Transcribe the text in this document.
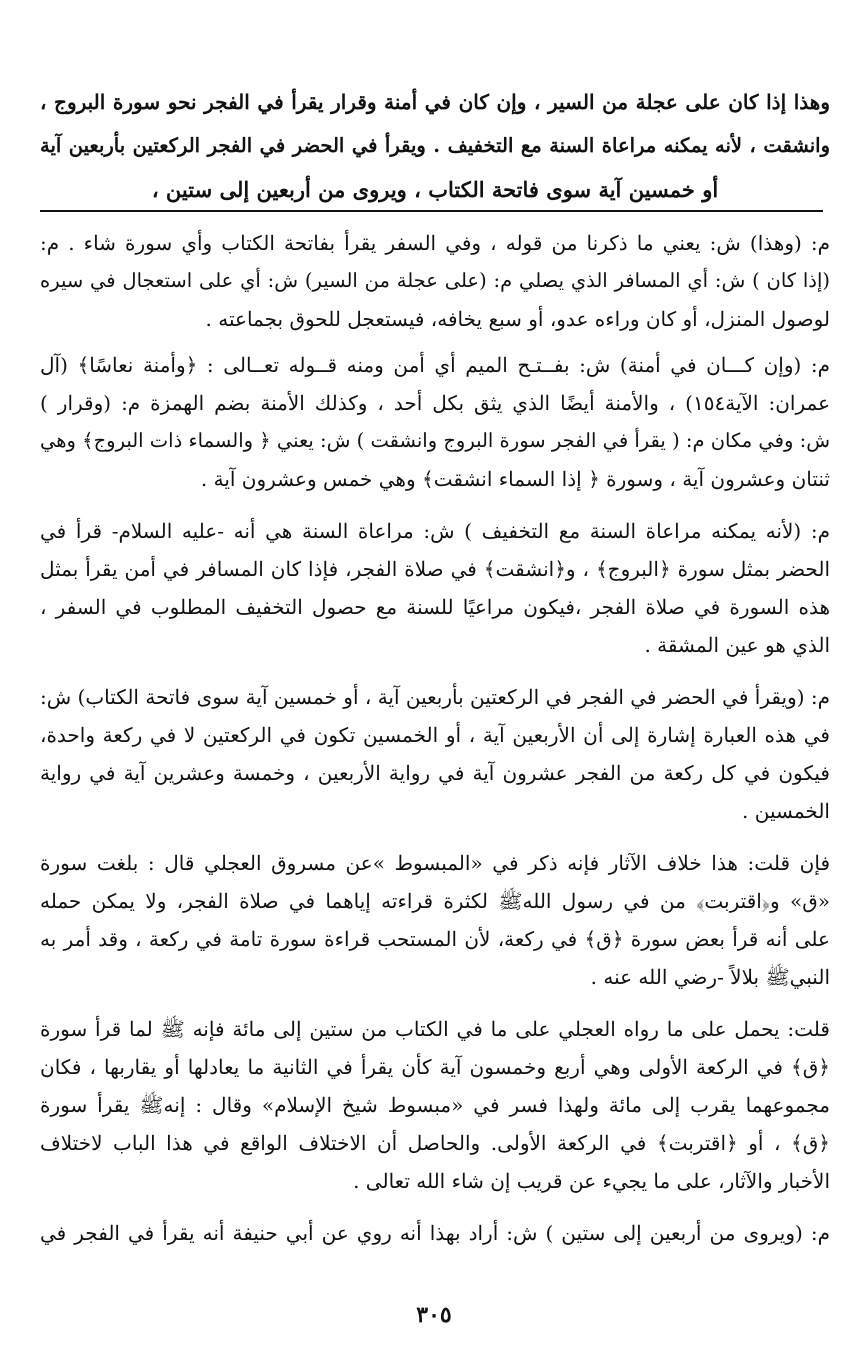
وهذا إذا كان على عجلة من السير ، وإن كان في أمنة وقرار يقرأ في الفجر نحو سورة البروج ،
وانشقت ، لأنه يمكنه مراعاة السنة مع التخفيف . ويقرأ في الحضر في الفجر الركعتين بأربعين آية
أو خمسين آية سوى فاتحة الكتاب ، ويروى من أربعين إلى ستين ،

م: (وهذا) ش: يعني ما ذكرنا من قوله ، وفي السفر يقرأ بفاتحة الكتاب وأي سورة شاء . م:
(إذا كان ) ش: أي المسافر الذي يصلي م: (على عجلة من السير) ش: أي على استعجال في سيره
لوصول المنزل، أو كان وراءه عدو، أو سبع يخافه، فيستعجل للحوق بجماعته .

م: (وإن كـــان في أمنة) ش: بفــتـح الميم أي أمن ومنه قــوله تعــالى : ﴿وأمنة نعاسًا﴾ (آل
عمران: الآية١٥٤) ، والأمنة أيضًا الذي يثق بكل أحد ، وكذلك الأمنة بضم الهمزة م: (وقرار )
ش: وفي مكان م: ( يقرأ في الفجر سورة البروج وانشقت ) ش: يعني ﴿ والسماء ذات البروج﴾ وهي
ثنتان وعشرون آية ، وسورة ﴿ إذا السماء انشقت﴾ وهي خمس وعشرون آية .

م: (لأنه يمكنه مراعاة السنة مع التخفيف ) ش: مراعاة السنة هي أنه -عليه السلام- قرأ في
الحضر بمثل سورة ﴿البروج﴾ ، و﴿انشقت﴾ في صلاة الفجر، فإذا كان المسافر في أمن يقرأ بمثل
هذه السورة في صلاة الفجر ،فيكون مراعيًا للسنة مع حصول التخفيف المطلوب في السفر ،
الذي هو عين المشقة .

م: (ويقرأ في الحضر في الفجر في الركعتين بأربعين آية ، أو خمسين آية سوى فاتحة الكتاب) ش:
في هذه العبارة إشارة إلى أن الأربعين آية ، أو الخمسين تكون في الركعتين لا في ركعة واحدة،
فيكون في كل ركعة من الفجر عشرون آية في رواية الأربعين ، وخمسة وعشرين آية في رواية
الخمسين .

فإن قلت: هذا خلاف الآثار فإنه ذكر في «المبسوط »عن مسروق العجلي قال : بلغت سورة
«ق» و﴿اقتربت﴾ من في رسول اللهﷺ لكثرة قراءته إياهما في صلاة الفجر، ولا يمكن حمله
على أنه قرأ بعض سورة ﴿ق﴾ في ركعة، لأن المستحب قراءة سورة تامة في ركعة ، وقد أمر به
النبيﷺ بلالاً -رضي الله عنه .

قلت: يحمل على ما رواه العجلي على ما في الكتاب من ستين إلى مائة فإنه ﷺ لما قرأ سورة
﴿ق﴾ في الركعة الأولى وهي أربع وخمسون آية كأن يقرأ في الثانية ما يعادلها أو يقاربها ، فكان
مجموعهما يقرب إلى مائة ولهذا فسر في «مبسوط شيخ الإسلام» وقال : إنهﷺ يقرأ سورة
﴿ق﴾ ، أو ﴿اقتربت﴾ في الركعة الأولى. والحاصل أن الاختلاف الواقع في هذا الباب لاختلاف
الأخبار والآثار، على ما يجيء عن قريب إن شاء الله تعالى .

م: (ويروى من أربعين إلى ستين ) ش: أراد بهذا أنه روي عن أبي حنيفة أنه يقرأ في الفجر في

٣٠٥
